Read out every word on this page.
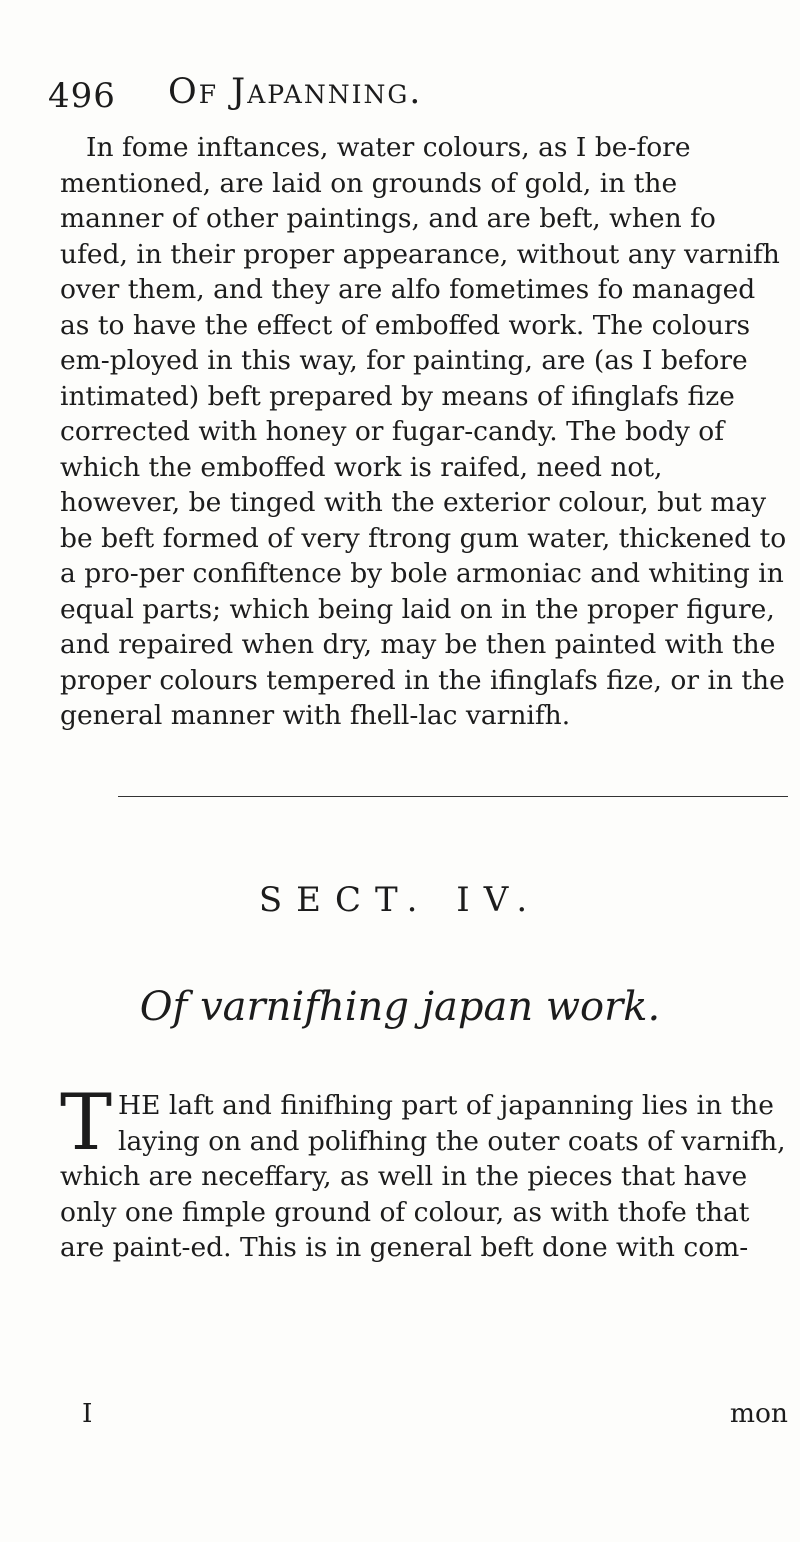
496 Of Japanning.

In fome inftances, water colours, as I be‐fore mentioned, are laid on grounds of gold, in the manner of other paintings, and are beft, when fo ufed, in their proper appearance, without any varnifh over them, and they are alfo fometimes fo managed as to have the effect of emboffed work. The colours em‐ployed in this way, for painting, are (as I before intimated) beft prepared by means of ifinglafs fize corrected with honey or fugar‐candy. The body of which the emboffed work is raifed, need not, however, be tinged with the exterior colour, but may be beft formed of very ftrong gum water, thickened to a pro‐per confiftence by bole armoniac and whiting in equal parts; which being laid on in the proper figure, and repaired when dry, may be then painted with the proper colours tempered in the ifinglafs fize, or in the general manner with fhell-lac varnifh.

SECT. IV.
Of varnifhing japan work.

THE laft and finifhing part of japanning lies in the laying on and polifhing the outer coats of varnifh, which are neceffary, as well in the pieces that have only one fimple ground of colour, as with thofe that are paint‐ed. This is in general beft done with com‐

I	mon
